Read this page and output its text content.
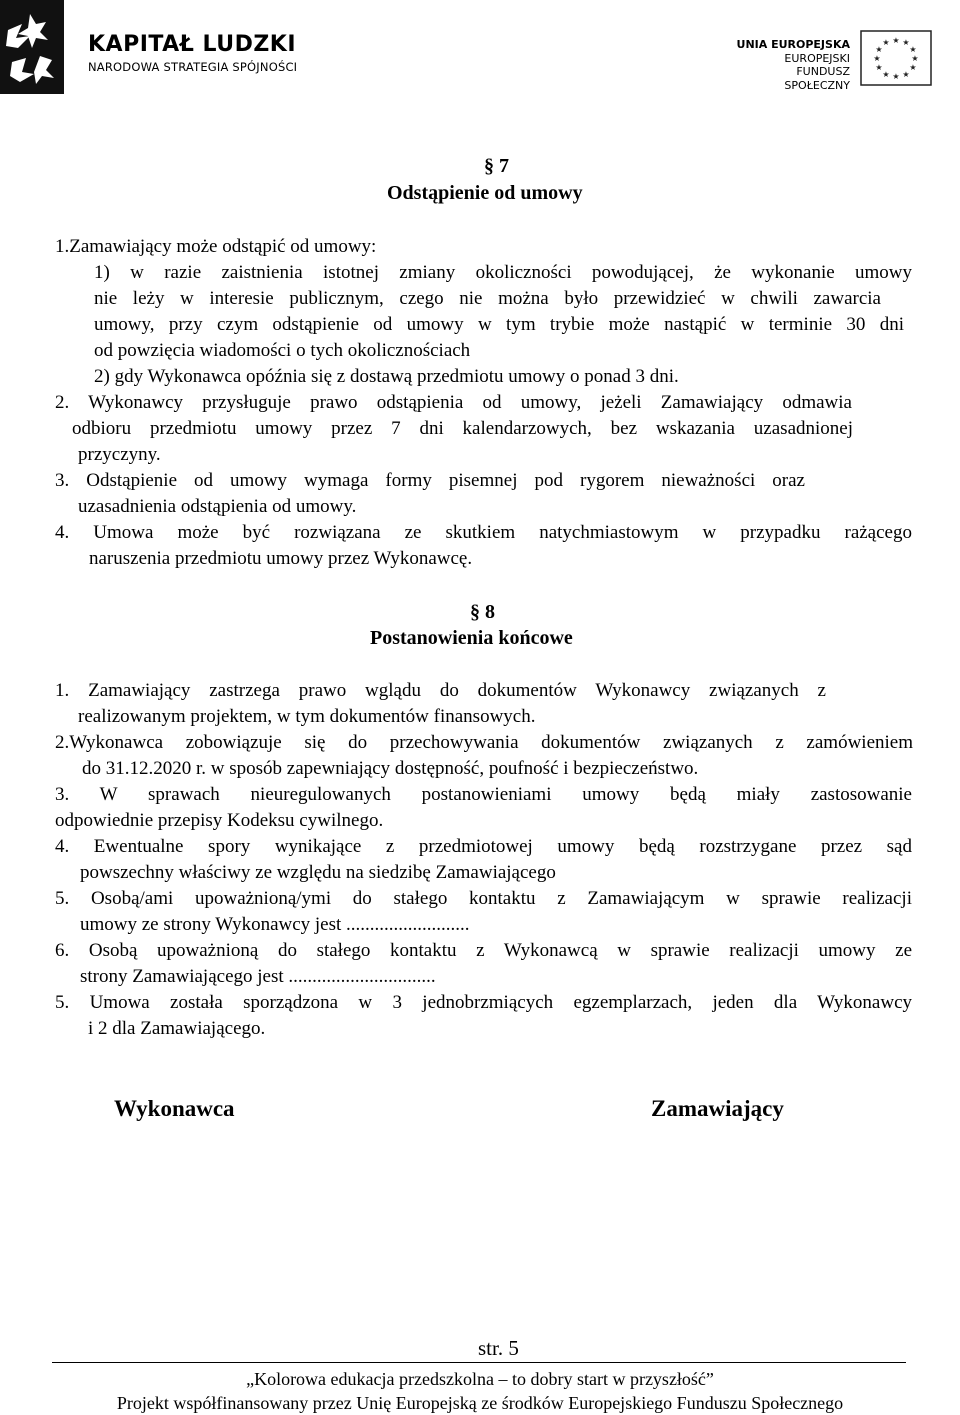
KAPITAŁ LUDZKI
NARODOWA STRATEGIA SPÓJNOŚCI
UNIA EUROPEJSKA
EUROPEJSKI
FUNDUSZ SPOŁECZNY
★ ★
★
★
★
★
★
★
★
★
★
★
§ 7
Odstąpienie od umowy
1.Zamawiający może odstąpić od umowy:
1) w razie zaistnienia istotnej zmiany okoliczności powodującej, że wykonanie umowy
nie leży w interesie publicznym, czego nie można było przewidzieć w chwili zawarcia
umowy, przy czym odstąpienie od umowy w tym trybie może nastąpić w terminie 30 dni
od powzięcia wiadomości o tych okolicznościach
2) gdy Wykonawca opóźnia się z dostawą przedmiotu umowy o ponad 3 dni.
2. Wykonawcy przysługuje prawo odstąpienia od umowy, jeżeli Zamawiający odmawia
odbioru przedmiotu umowy przez 7 dni kalendarzowych, bez wskazania uzasadnionej
przyczyny.
3. Odstąpienie od umowy wymaga formy pisemnej pod rygorem nieważności oraz
uzasadnienia odstąpienia od umowy.
4. Umowa może być rozwiązana ze skutkiem natychmiastowym w przypadku rażącego
naruszenia przedmiotu umowy przez Wykonawcę.
§ 8
Postanowienia końcowe
1. Zamawiający zastrzega prawo wglądu do dokumentów Wykonawcy związanych z
realizowanym projektem, w tym dokumentów finansowych.
2.Wykonawca zobowiązuje się do przechowywania dokumentów związanych z zamówieniem
do 31.12.2020 r. w sposób zapewniający dostępność, poufność i bezpieczeństwo.
3. W sprawach nieuregulowanych postanowieniami umowy będą miały zastosowanie
odpowiednie przepisy Kodeksu cywilnego.
4. Ewentualne spory wynikające z przedmiotowej umowy będą rozstrzygane przez sąd
powszechny właściwy ze względu na siedzibę Zamawiającego
5. Osobą/ami upoważnioną/ymi do stałego kontaktu z Zamawiającym w sprawie realizacji
umowy ze strony Wykonawcy jest ..........................
6. Osobą upoważnioną do stałego kontaktu z Wykonawcą w sprawie realizacji umowy ze
strony Zamawiającego jest ...............................
5. Umowa została sporządzona w 3 jednobrzmiących egzemplarzach, jeden dla Wykonawcy
i 2 dla Zamawiającego.
Wykonawca	Zamawiający
str. 5
„Kolorowa edukacja przedszkolna – to dobry start w przyszłość”
Projekt współfinansowany przez Unię Europejską ze środków Europejskiego Funduszu Społecznego
